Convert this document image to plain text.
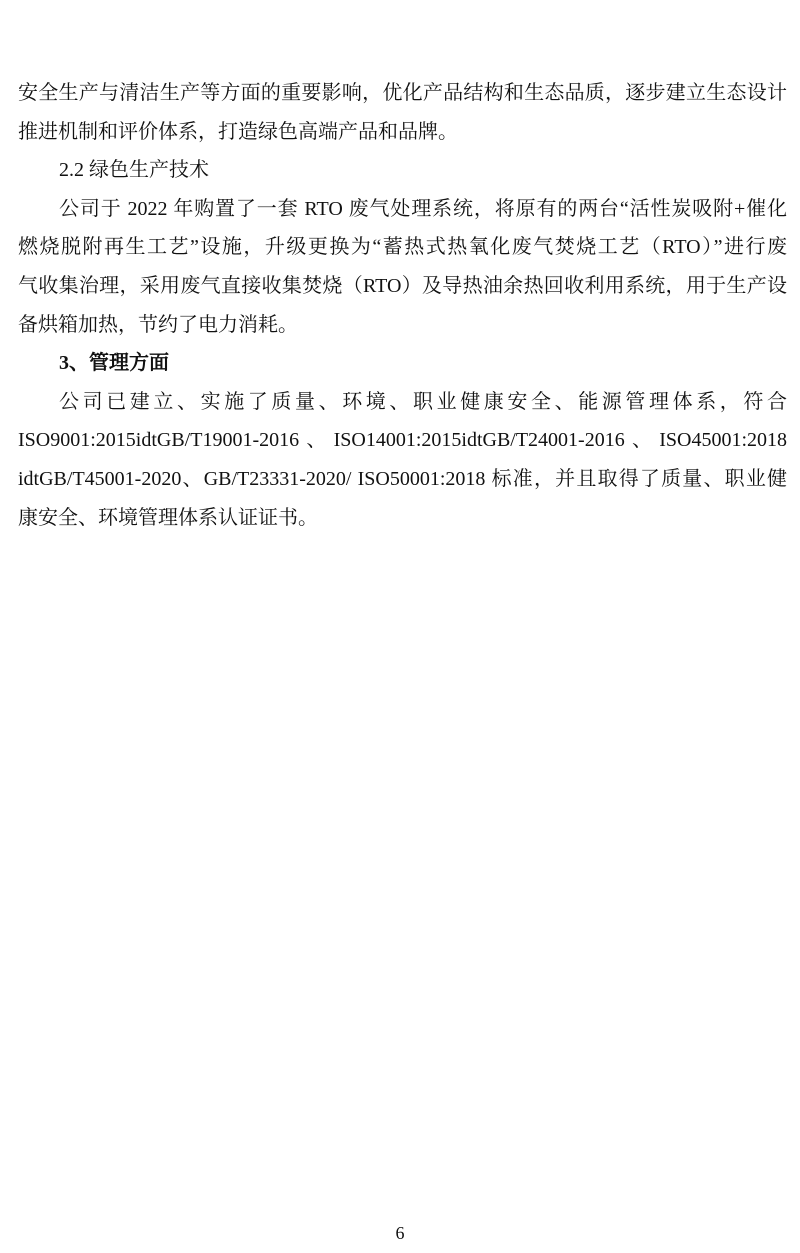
安全生产与清洁生产等方面的重要影响，优化产品结构和生态品质，逐步建立生态设计
推进机制和评价体系，打造绿色高端产品和品牌。
2.2 绿色生产技术
公司于 2022 年购置了一套 RTO 废气处理系统，将原有的两台“活性炭吸附+催化
燃烧脱附再生工艺”设施，升级更换为“蓄热式热氧化废气焚烧工艺（RTO）”进行废
气收集治理，采用废气直接收集焚烧（RTO）及导热油余热回收利用系统，用于生产设
备烘箱加热，节约了电力消耗。
3、管理方面
公司已建立、实施了质量、环境、职业健康安全、能源管理体系，符合
ISO9001:2015idtGB/T19001-2016、ISO14001:2015idtGB/T24001-2016、ISO45001:2018
idtGB/T45001-2020、GB/T23331-2020/ ISO50001:2018 标准，并且取得了质量、职业健
康安全、环境管理体系认证证书。
6
